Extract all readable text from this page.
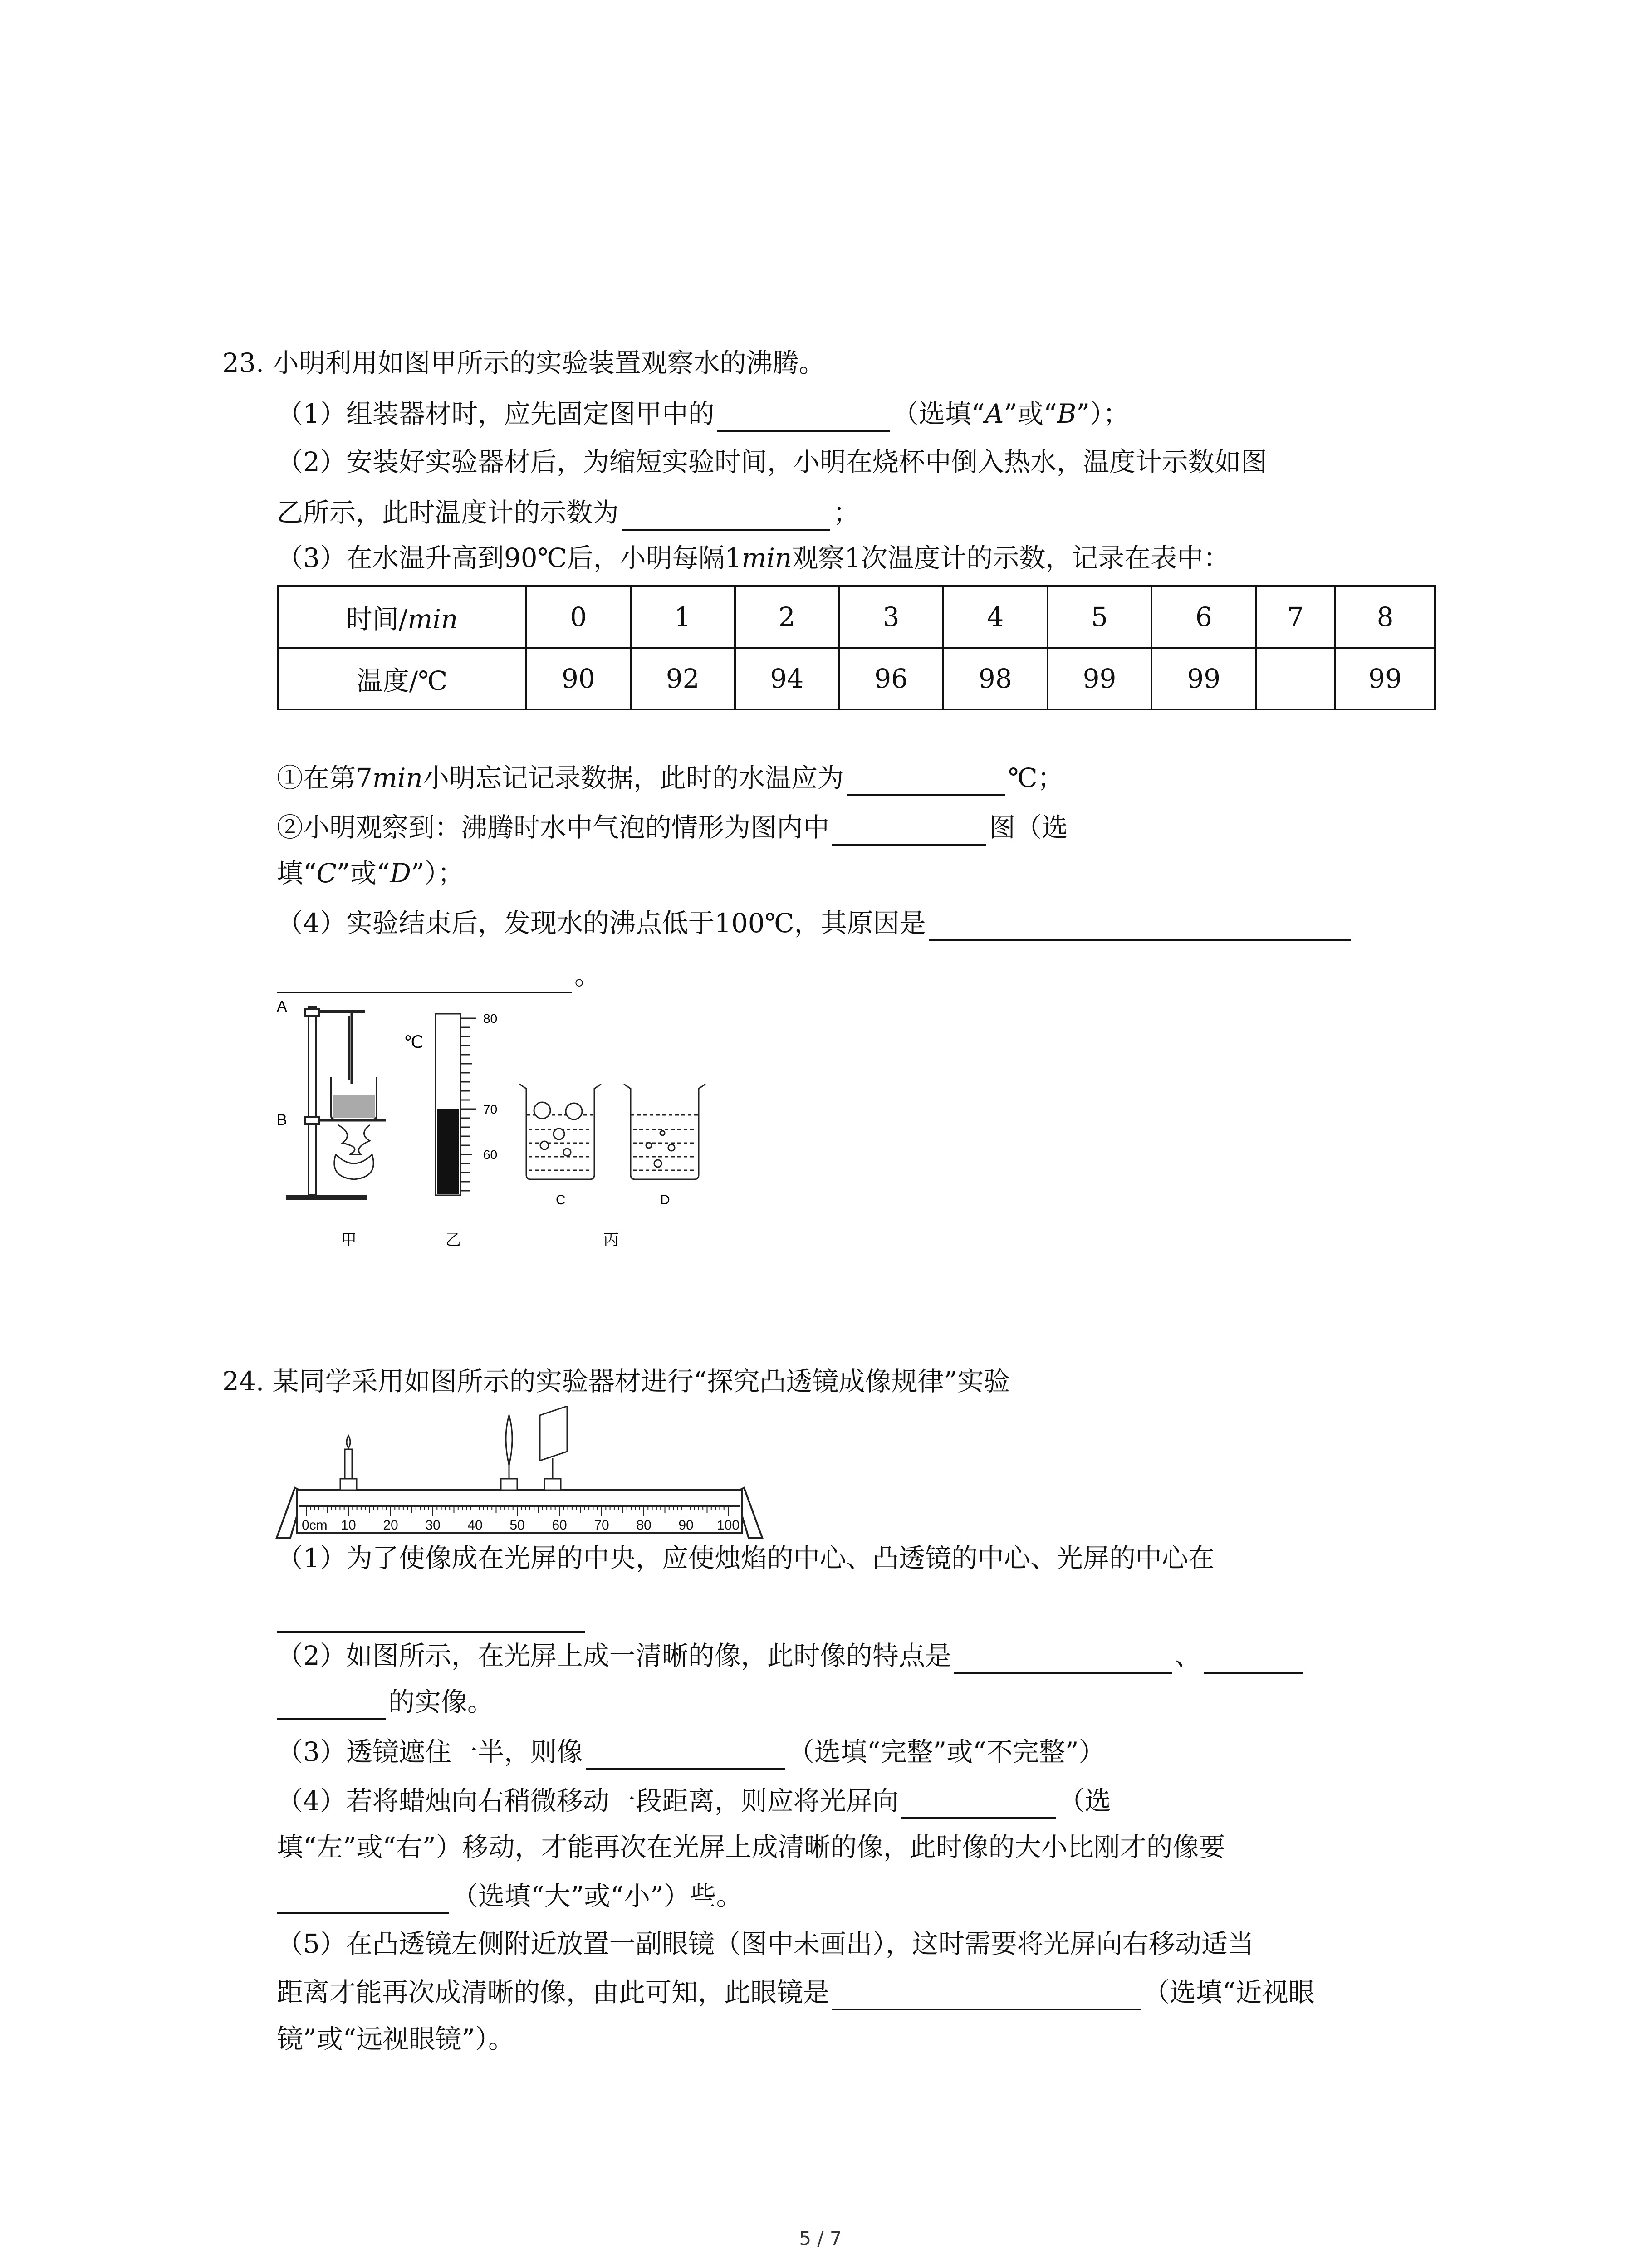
23. 小明利用如图甲所示的实验装置观察水的沸腾。
（1）组装器材时，应先固定图甲中的	（选填“A”或“B”）；
（2）安装好实验器材后，为缩短实验时间，小明在烧杯中倒入热水，温度计示数如图
乙所示，此时温度计的示数为	；
（3）在水温升高到90℃后，小明每隔1min观察1次温度计的示数，记录在表中：
时间/min	0	1	2	3	4	5	6	7	8
温度/℃	90	92	94	96	98	99	99		99
①在第7min小明忘记记录数据，此时的水温应为	℃；
②小明观察到：沸腾时水中气泡的情形为图内中	图（选
填“C”或“D”）；
（4）实验结束后，发现水的沸点低于100℃，其原因是
。
A
B
℃
80
70
60
C	D
甲	乙	丙
24. 某同学采用如图所示的实验器材进行“探究凸透镜成像规律”实验
0cm 10 20 30 40 50 60 70 80 90 100
（1）为了使像成在光屏的中央，应使烛焰的中心、凸透镜的中心、光屏的中心在
（2）如图所示，在光屏上成一清晰的像，此时像的特点是	、
的实像。
（3）透镜遮住一半，则像	（选填“完整”或“不完整”）
（4）若将蜡烛向右稍微移动一段距离，则应将光屏向	（选
填“左”或“右”）移动，才能再次在光屏上成清晰的像，此时像的大小比刚才的像要
（选填“大”或“小”）些。
（5）在凸透镜左侧附近放置一副眼镜（图中未画出），这时需要将光屏向右移动适当
距离才能再次成清晰的像，由此可知，此眼镜是	（选填“近视眼
镜”或“远视眼镜”）。
5 / 7
